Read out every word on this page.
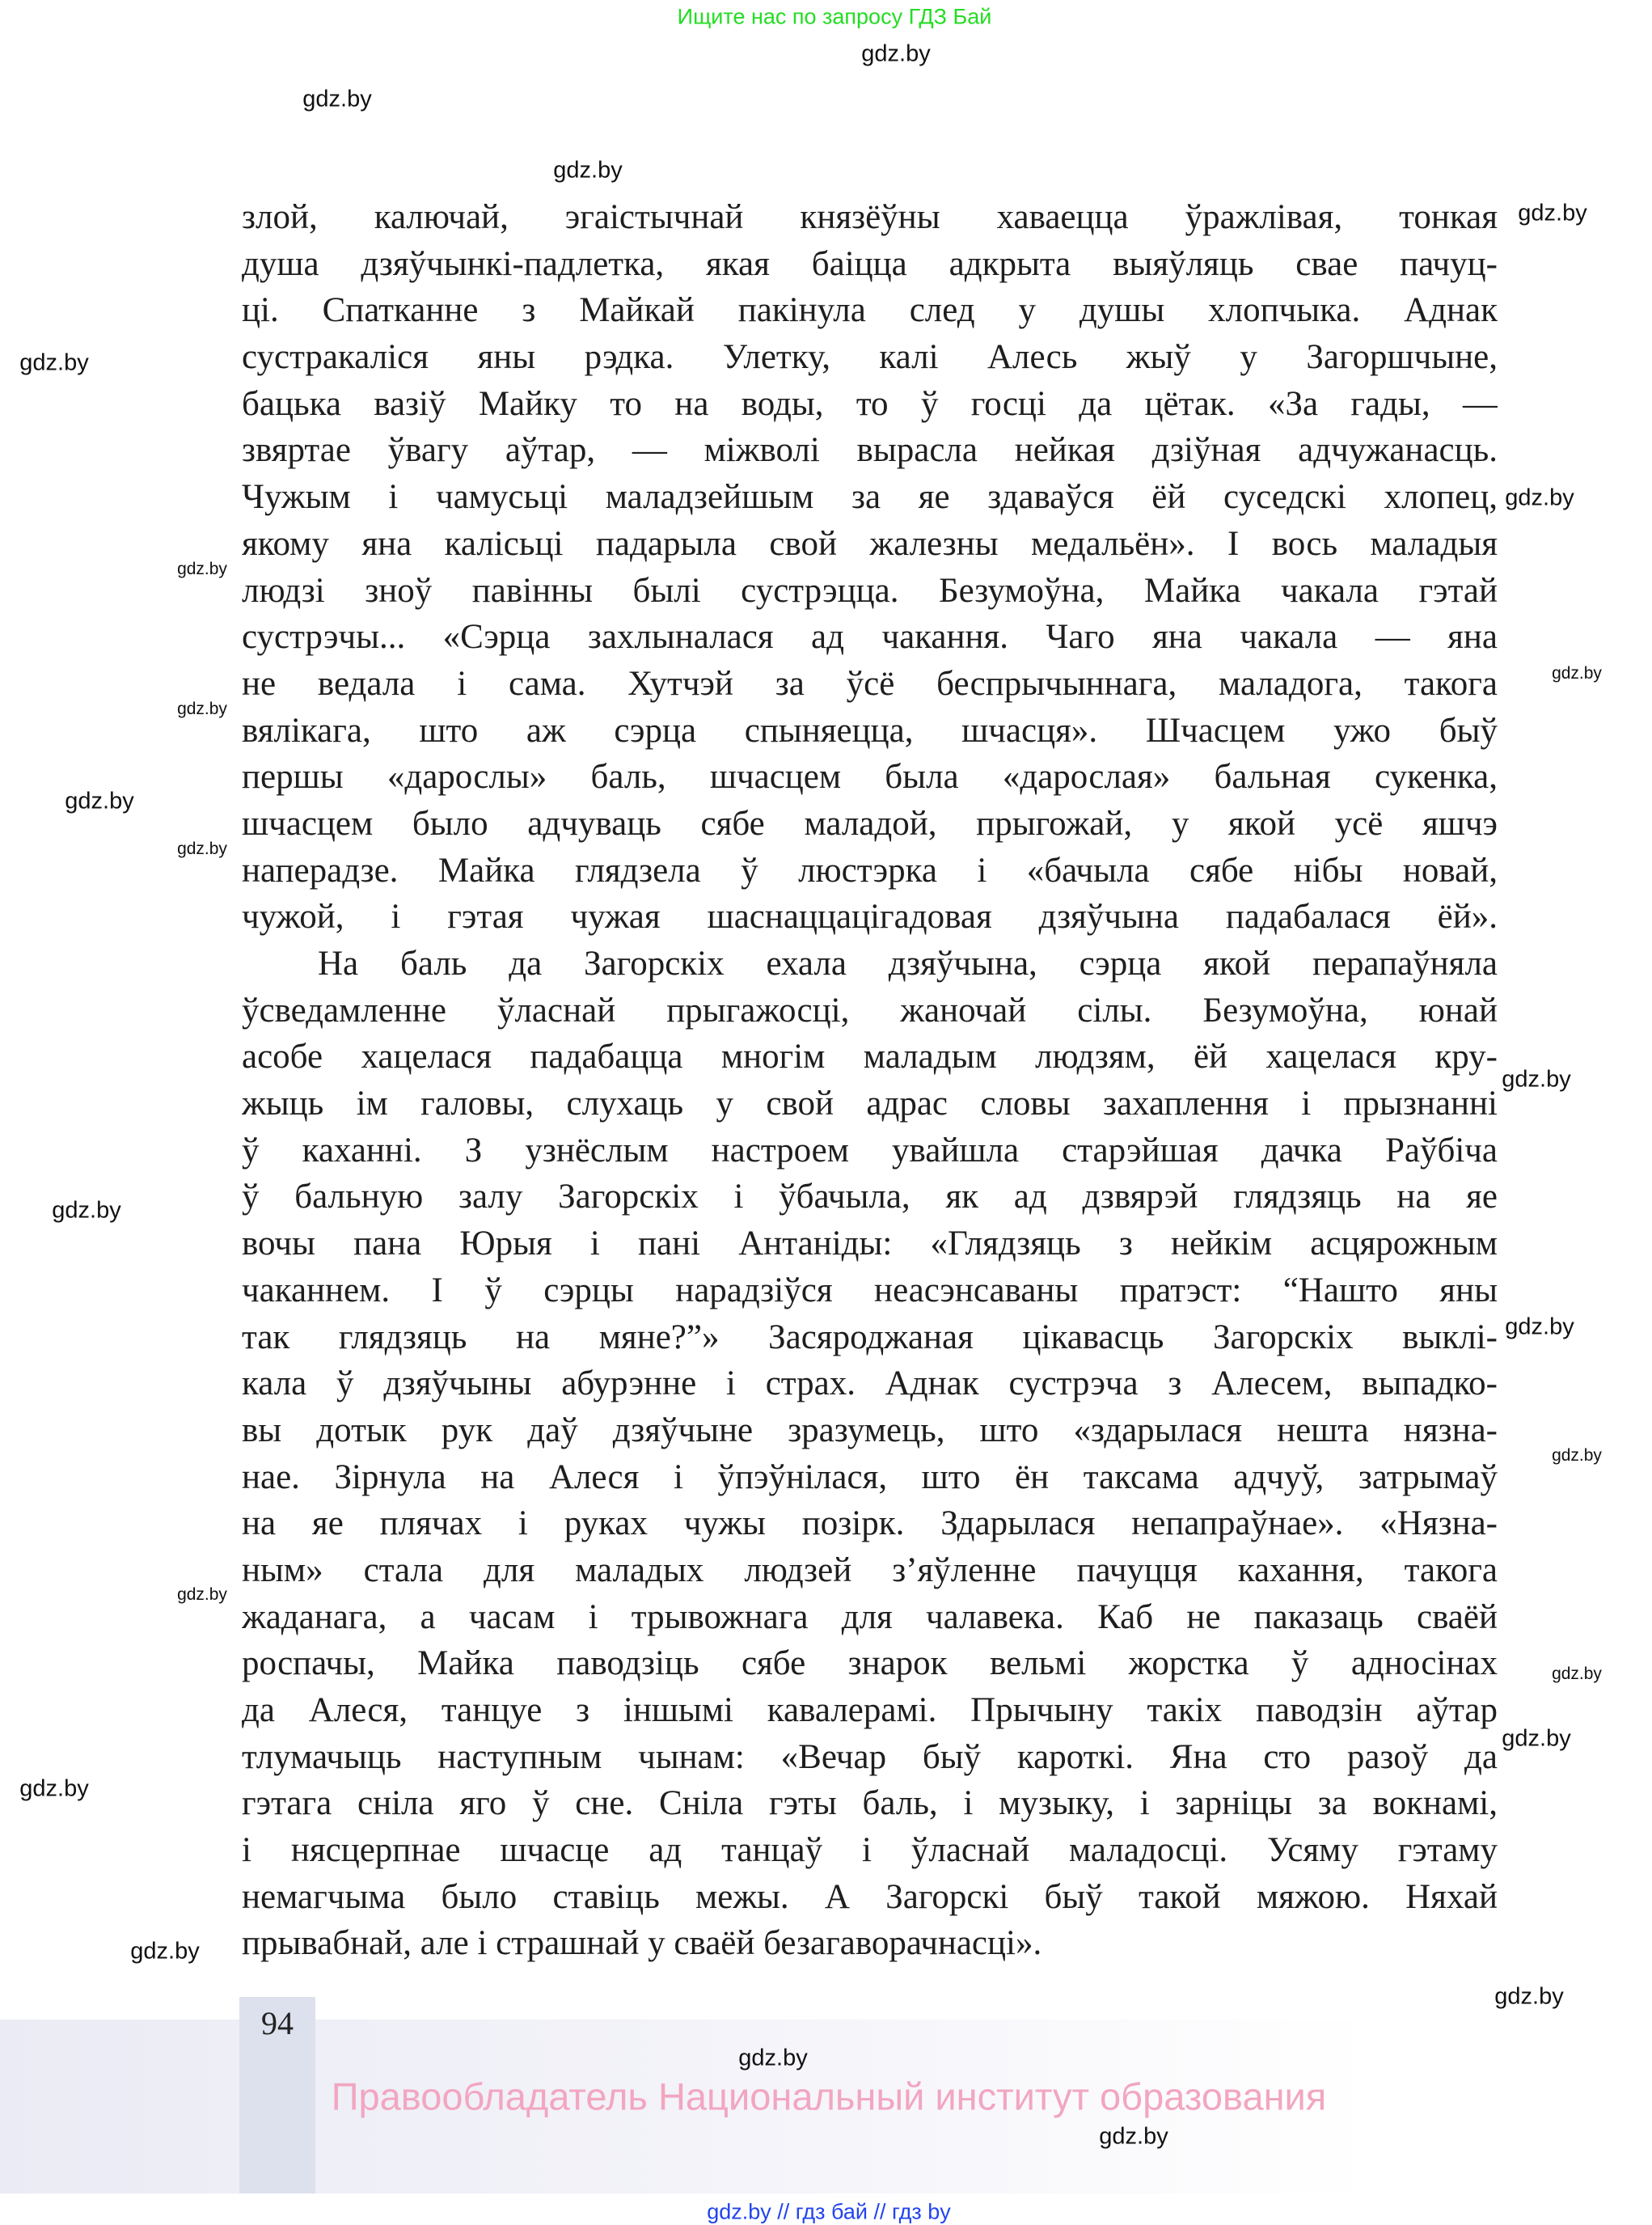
94
Ищите нас по запросу ГДЗ Бай
злой, калючай, эгаістычнай князёўны хаваецца ўражлівая, тонкая
душа дзяўчынкі-падлетка, якая баіцца адкрыта выяўляць свае пачуц-
ці. Спатканне з Майкай пакінула след у душы хлопчыка. Аднак
сустракаліся яны рэдка. Улетку, калі Алесь жыў у Загоршчыне,
бацька вазіў Майку то на воды, то ў госці да цётак. «За гады, —
звяртае ўвагу аўтар, — міжволі вырасла нейкая дзіўная адчужанасць.
Чужым і чамусьці маладзейшым за яе здаваўся ёй суседскі хлопец,
якому яна калісьці падарыла свой жалезны медальён». І вось маладыя
людзі зноў павінны былі сустрэцца. Безумоўна, Майка чакала гэтай
сустрэчы... «Сэрца захлыналася ад чакання. Чаго яна чакала — яна
не ведала і сама. Хутчэй за ўсё беспрычыннага, маладога, такога
вялікага, што аж сэрца спыняецца, шчасця». Шчасцем ужо быў
першы «дарослы» баль, шчасцем была «дарослая» бальная сукенка,
шчасцем было адчуваць сябе маладой, прыгожай, у якой усё яшчэ
наперадзе. Майка глядзела ў люстэрка і «бачыла сябе нібы новай,
чужой, і гэтая чужая шаснаццацігадовая дзяўчына падабалася ёй».
На баль да Загорскіх ехала дзяўчына, сэрца якой перапаўняла
ўсведамленне ўласнай прыгажосці, жаночай сілы. Безумоўна, юнай
асобе хацелася падабацца многім маладым людзям, ёй хацелася кру-
жыць ім галовы, слухаць у свой адрас словы захаплення і прызнанні
ў каханні. З узнёслым настроем увайшла старэйшая дачка Раўбіча
ў бальную залу Загорскіх і ўбачыла, як ад дзвярэй глядзяць на яе
вочы пана Юрыя і пані Антаніды: «Глядзяць з нейкім асцярожным
чаканнем. І ў сэрцы нарадзіўся неасэнсаваны пратэст: “Нашто яны
так глядзяць на мяне?”» Засяроджаная цікавасць Загорскіх выклі-
кала ў дзяўчыны абурэнне і страх. Аднак сустрэча з Алесем, выпадко-
вы дотык рук даў дзяўчыне зразумець, што «здарылася нешта нязна-
нае. Зірнула на Алеся і ўпэўнілася, што ён таксама адчуў, затрымаў
на яе плячах і руках чужы позірк. Здарылася непапраўнае». «Нязна-
ным» стала для маладых людзей з’яўленне пачуцця кахання, такога
жаданага, а часам і трывожнага для чалавека. Каб не паказаць сваёй
роспачы, Майка паводзіць сябе знарок вельмі жорстка ў адносінах
да Алеся, танцуе з іншымі кавалерамі. Прычыну такіх паводзін аўтар
тлумачыць наступным чынам: «Вечар быў кароткі. Яна сто разоў да
гэтага сніла яго ў сне. Сніла гэты баль, і музыку, і зарніцы за вокнамі,
і нясцерпнае шчасце ад танцаў і ўласнай маладосці. Усяму гэтаму
немагчыма было ставіць межы. А Загорскі быў такой мяжою. Няхай
прывабнай, але і страшнай у сваёй безагаворачнасці».
Правообладатель Национальный институт образования
gdz.by // гдз бай // гдз by
gdz.by
gdz.by
gdz.by
gdz.by
gdz.by
gdz.by
gdz.by
gdz.by
gdz.by
gdz.by
gdz.by
gdz.by
gdz.by
gdz.by
gdz.by
gdz.by
gdz.by
gdz.by
gdz.by
gdz.by
gdz.by
gdz.by
gdz.by
